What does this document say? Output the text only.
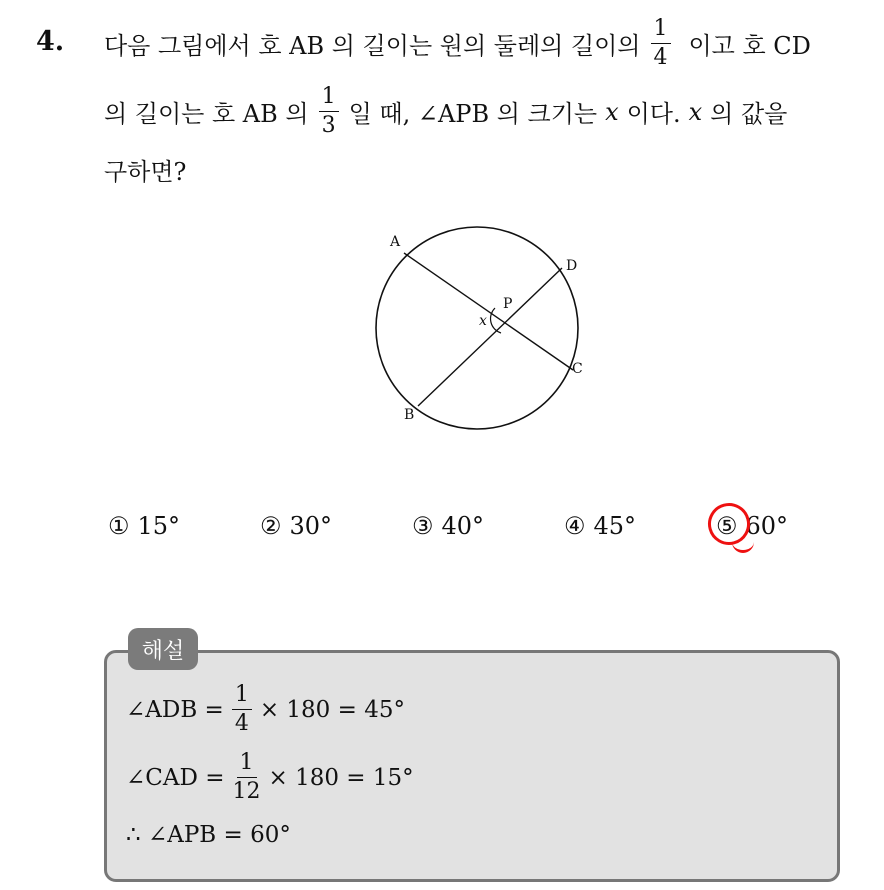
4. 다음 그림에서 호 AB 의 길이는 원의 둘레의 길이의 $\frac{1}{4}$ 이고 호 CD
의 길이는 호 AB 의 $\frac{1}{3}$ 일 때, ∠APB 의 크기는 x 이다. x 의 값을
구하면?
A
D
P
x
C
B
① 15°	② 30°	③ 40°	④ 45°	⑤ 60°
해설
∠ADB = $\frac{1}{4} \times 180 = 45^\circ$
∠CAD = $\frac{1}{12} \times 180 = 15^\circ$
∴ ∠APB = 60°
